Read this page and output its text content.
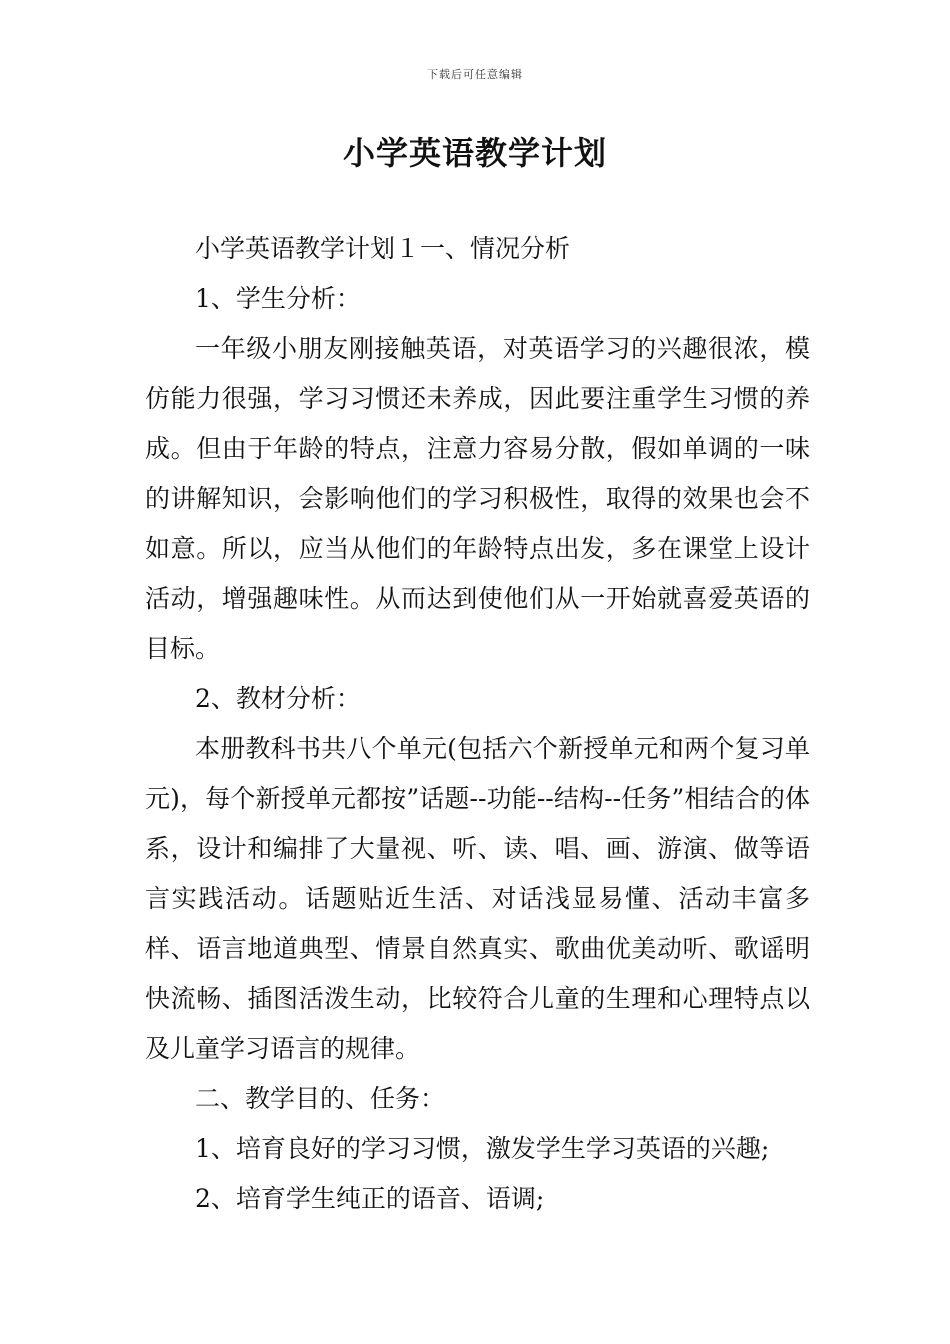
下载后可任意编辑
小学英语教学计划

小学英语教学计划１一、情况分析

1、学生分析：

一年级小朋友刚接触英语，对英语学习的兴趣很浓，模仿能力很强，学习习惯还未养成，因此要注重学生习惯的养成。但由于年龄的特点，注意力容易分散，假如单调的一味的讲解知识，会影响他们的学习积极性，取得的效果也会不如意。所以，应当从他们的年龄特点出发，多在课堂上设计活动，增强趣味性。从而达到使他们从一开始就喜爱英语的目标。

2、教材分析：

本册教科书共八个单元(包括六个新授单元和两个复习单元)，每个新授单元都按”话题--功能--结构--任务”相结合的体系，设计和编排了大量视、听、读、唱、画、游演、做等语言实践活动。话题贴近生活、对话浅显易懂、活动丰富多样、语言地道典型、情景自然真实、歌曲优美动听、歌谣明快流畅、插图活泼生动，比较符合儿童的生理和心理特点以及儿童学习语言的规律。

二、教学目的、任务：

1、培育良好的学习习惯，激发学生学习英语的兴趣;

2、培育学生纯正的语音、语调;
